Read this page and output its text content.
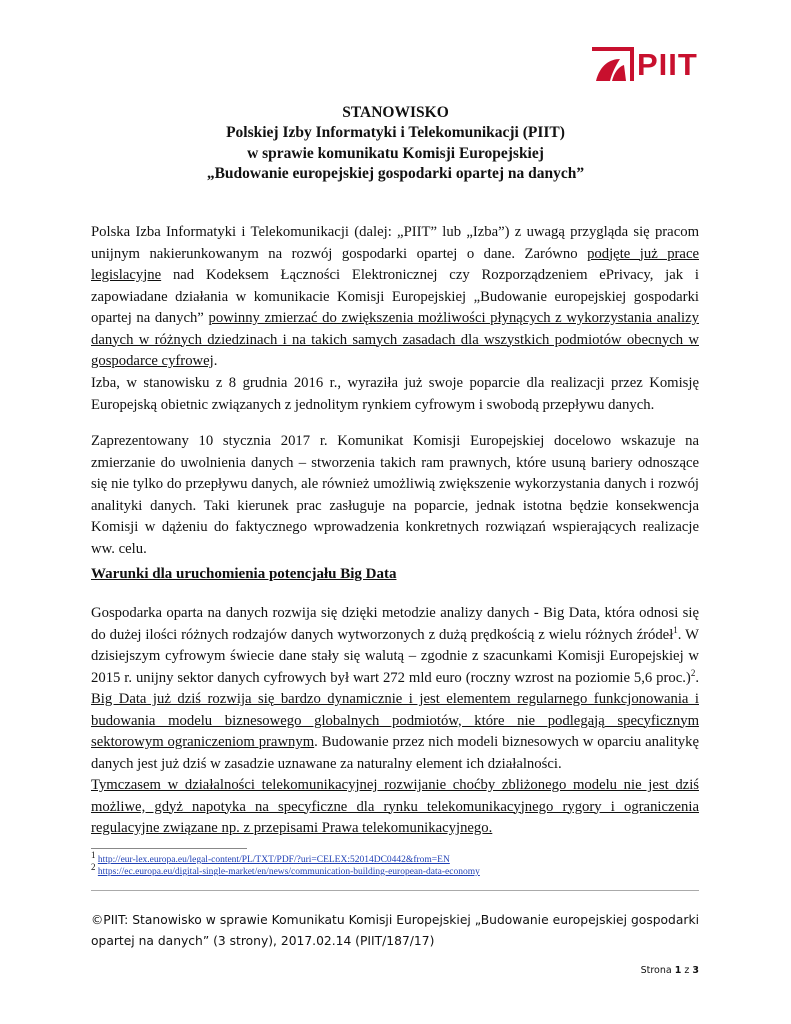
PIIT
STANOWISKO
Polskiej Izby Informatyki i Telekomunikacji (PIIT)
w sprawie komunikatu Komisji Europejskiej
„Budowanie europejskiej gospodarki opartej na danych”

Polska Izba Informatyki i Telekomunikacji (dalej: „PIIT” lub „Izba”) z uwagą przygląda się pracom unijnym nakierunkowanym na rozwój gospodarki opartej o dane. Zarówno podjęte już prace legislacyjne nad Kodeksem Łączności Elektronicznej czy Rozporządzeniem ePrivacy, jak i zapowiadane działania w komunikacie Komisji Europejskiej „Budowanie europejskiej gospodarki opartej na danych” powinny zmierzać do zwiększenia możliwości płynących z wykorzystania analizy danych w różnych dziedzinach i na takich samych zasadach dla wszystkich podmiotów obecnych w gospodarce cyfrowej.

Izba, w stanowisku z 8 grudnia 2016 r., wyraziła już swoje poparcie dla realizacji przez Komisję Europejską obietnic związanych z jednolitym rynkiem cyfrowym i swobodą przepływu danych.

Zaprezentowany 10 stycznia 2017 r. Komunikat Komisji Europejskiej docelowo wskazuje na zmierzanie do uwolnienia danych – stworzenia takich ram prawnych, które usuną bariery odnoszące się nie tylko do przepływu danych, ale również umożliwią zwiększenie wykorzystania danych i rozwój analityki danych. Taki kierunek prac zasługuje na poparcie, jednak istotna będzie konsekwencja Komisji w dążeniu do faktycznego wprowadzenia konkretnych rozwiązań wspierających realizacje ww. celu.

Warunki dla uruchomienia potencjału Big Data

Gospodarka oparta na danych rozwija się dzięki metodzie analizy danych - Big Data, która odnosi się do dużej ilości różnych rodzajów danych wytworzonych z dużą prędkością z wielu różnych źródeł$^1$. W dzisiejszym cyfrowym świecie dane stały się walutą – zgodnie z szacunkami Komisji Europejskiej w 2015 r. unijny sektor danych cyfrowych był wart 272 mld euro (roczny wzrost na poziomie 5,6 proc.)$^2$. Big Data już dziś rozwija się bardzo dynamicznie i jest elementem regularnego funkcjonowania i budowania modelu biznesowego globalnych podmiotów, które nie podlegają specyficznym sektorowym ograniczeniom prawnym. Budowanie przez nich modeli biznesowych w oparciu analitykę danych jest już dziś w zasadzie uznawane za naturalny element ich działalności.

Tymczasem w działalności telekomunikacyjnej rozwijanie choćby zbliżonego modelu nie jest dziś możliwe, gdyż napotyka na specyficzne dla rynku telekomunikacyjnego rygory i ograniczenia regulacyjne związane np. z przepisami Prawa telekomunikacyjnego.

$^1$ http://eur-lex.europa.eu/legal-content/PL/TXT/PDF/?uri=CELEX:52014DC0442&from=EN
$^2$ https://ec.europa.eu/digital-single-market/en/news/communication-building-european-data-economy
©PIIT: Stanowisko w sprawie Komunikatu Komisji Europejskiej „Budowanie europejskiej gospodarki opartej na danych” (3 strony), 2017.02.14 (PIIT/187/17)
Strona 1 z 3
